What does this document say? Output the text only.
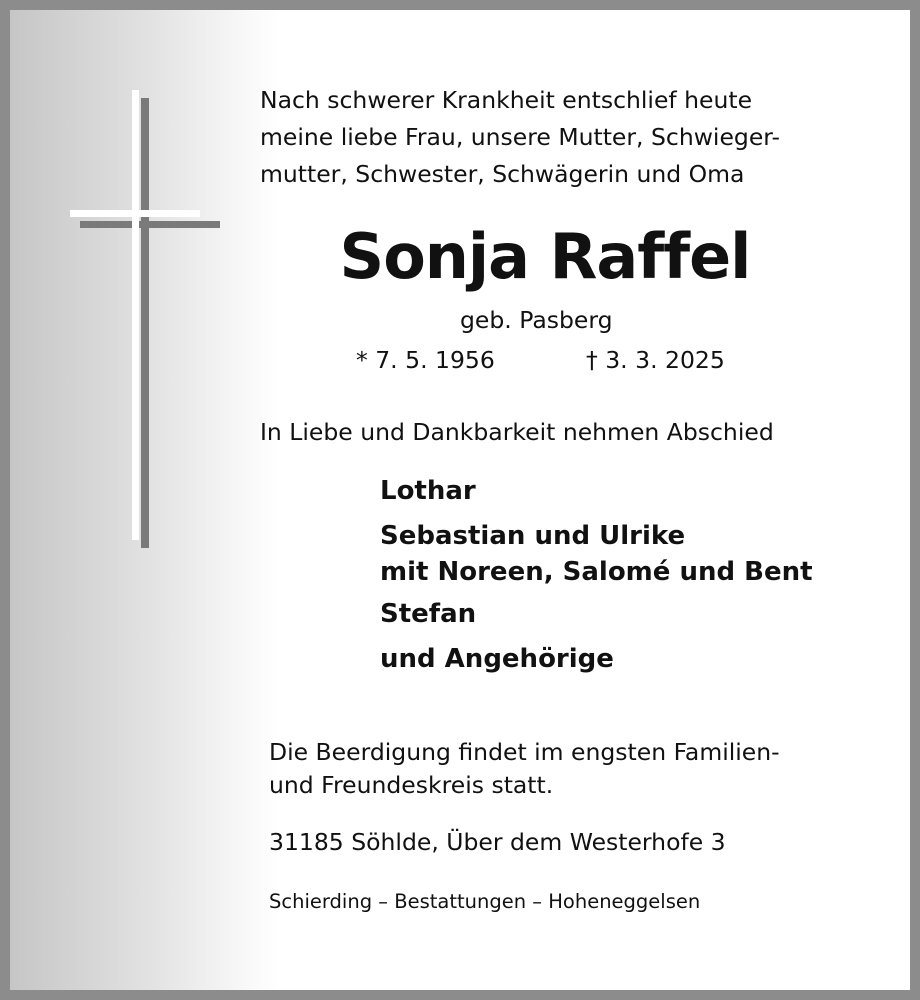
Nach schwerer Krankheit entschlief heute
meine liebe Frau, unsere Mutter, Schwieger-
mutter, Schwester, Schwägerin und Oma
Sonja Raffel
geb. Pasberg
* 7. 5. 1956	† 3. 3. 2025
In Liebe und Dankbarkeit nehmen Abschied
Lothar
Sebastian und Ulrike
mit Noreen, Salomé und Bent
Stefan
und Angehörige
Die Beerdigung findet im engsten Familien-
und Freundeskreis statt.
31185 Söhlde, Über dem Westerhofe 3
Schierding – Bestattungen – Hoheneggelsen
